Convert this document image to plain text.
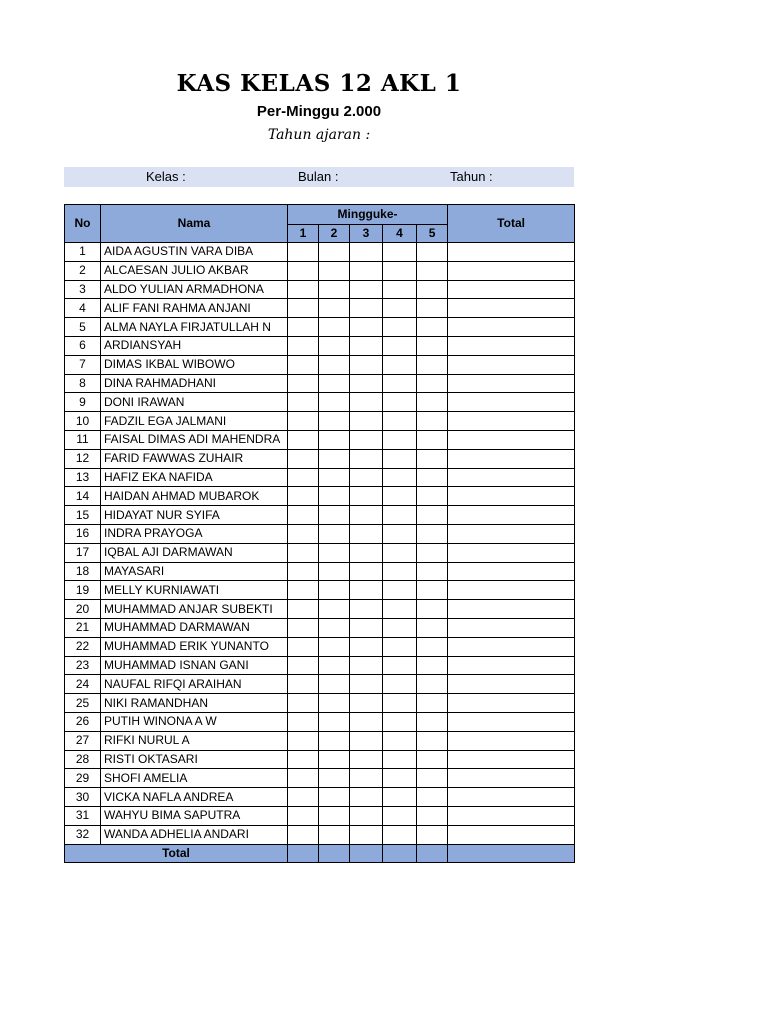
KAS KELAS 12 AKL 1
Per-Minggu 2.000
Tahun ajaran :
Kelas :	Bulan :	Tahun :
No	Nama	Mingguke-					Total
		1	2	3	4	5	
1	AIDA AGUSTIN VARA DIBA						
2	ALCAESAN JULIO AKBAR						
3	ALDO YULIAN ARMADHONA						
4	ALIF FANI RAHMA ANJANI						
5	ALMA NAYLA FIRJATULLAH N						
6	ARDIANSYAH						
7	DIMAS IKBAL WIBOWO						
8	DINA RAHMADHANI						
9	DONI IRAWAN						
10	FADZIL EGA JALMANI						
11	FAISAL DIMAS ADI MAHENDRA						
12	FARID FAWWAS ZUHAIR						
13	HAFIZ EKA NAFIDA						
14	HAIDAN AHMAD MUBAROK						
15	HIDAYAT NUR SYIFA						
16	INDRA PRAYOGA						
17	IQBAL AJI DARMAWAN						
18	MAYASARI						
19	MELLY KURNIAWATI						
20	MUHAMMAD ANJAR SUBEKTI						
21	MUHAMMAD DARMAWAN						
22	MUHAMMAD ERIK YUNANTO						
23	MUHAMMAD ISNAN GANI						
24	NAUFAL RIFQI ARAIHAN						
25	NIKI RAMANDHAN						
26	PUTIH WINONA A W						
27	RIFKI NURUL A						
28	RISTI OKTASARI						
29	SHOFI AMELIA						
30	VICKA NAFLA ANDREA						
31	WAHYU BIMA SAPUTRA						
32	WANDA ADHELIA ANDARI						
Total							
